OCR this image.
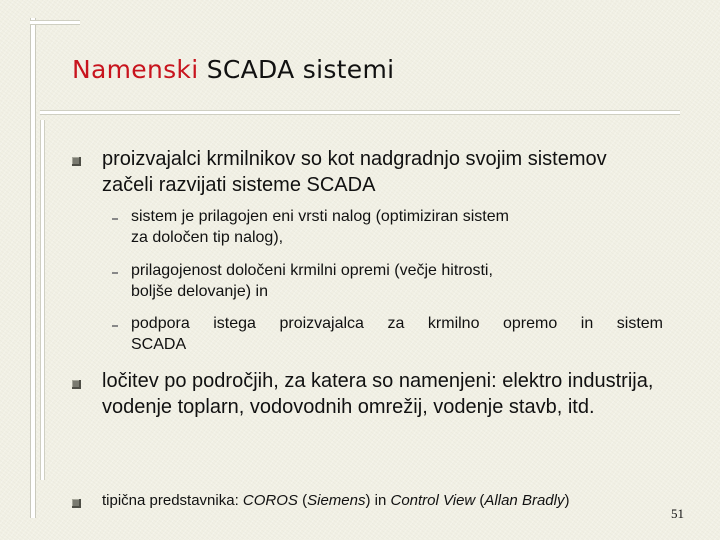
Namenski SCADA sistemi

proizvajalci krmilnikov so kot nadgradnjo svojim sistemov začeli razvijati sisteme SCADA

sistem je prilagojen eni vrsti nalog (optimiziran sistem za določen tip nalog),

prilagojenost določeni krmilni opremi (večje hitrosti, boljše delovanje) in

podpora istega proizvajalca za krmilno opremo in sistem

SCADA

ločitev po področjih, za katera so namenjeni: elektro industrija, vodenje toplarn, vodovodnih omrežij, vodenje stavb, itd.

tipična predstavnika: COROS (Siemens) in Control View (Allan Bradly)

51
